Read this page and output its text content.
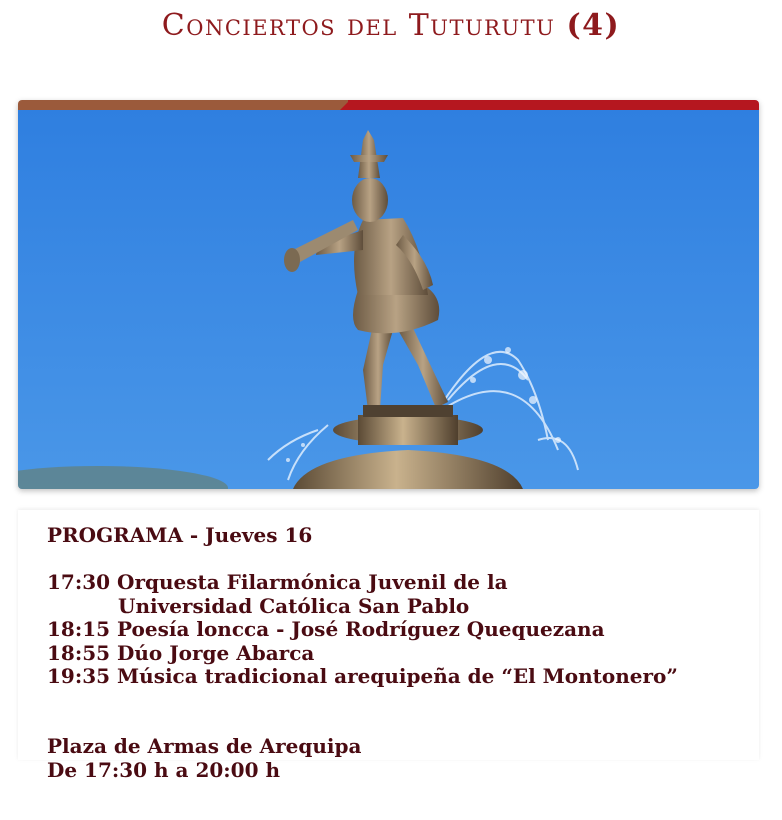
Conciertos del Tuturutu (4)
PROGRAMA - Jueves 16
17:30 Orquesta Filarmónica Juvenil de la
Universidad Católica San Pablo
18:15 Poesía loncca - José Rodríguez Quequezana
18:55 Dúo Jorge Abarca
19:35 Música tradicional arequipeña de “El Montonero”
Plaza de Armas de Arequipa
De 17:30 h a 20:00 h
